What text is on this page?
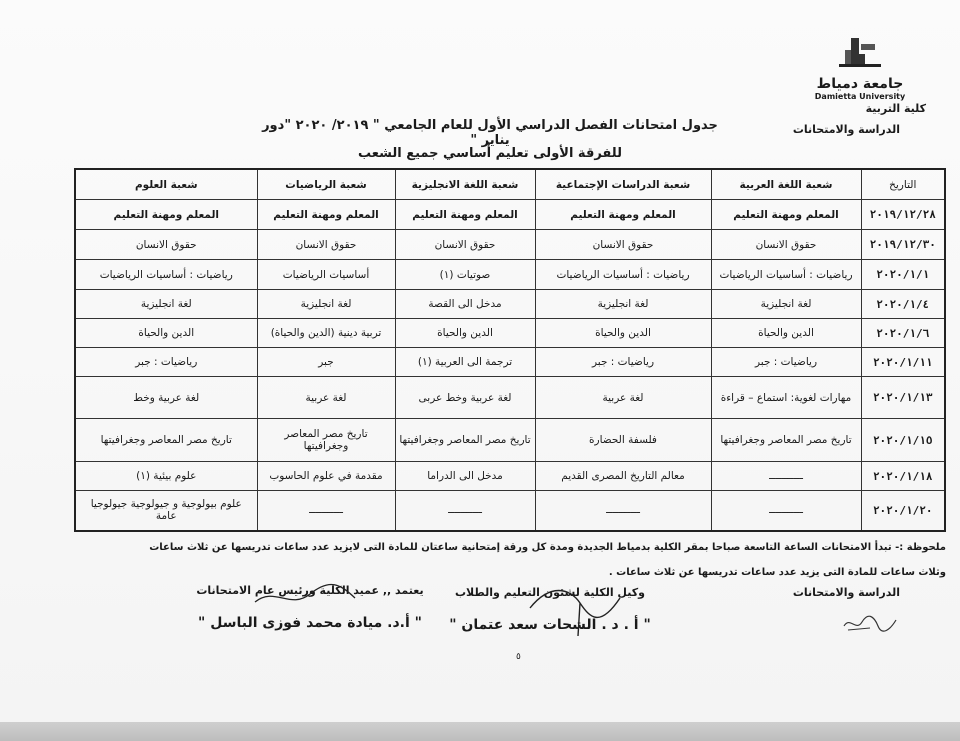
جامعة دمياط
Damietta University
كلية التربية
الدراسة والامتحانات
جدول امتحانات الفصل الدراسي الأول للعام الجامعي " ٢٠١٩/ ٢٠٢٠ "دور يناير "
للفرقة الأولى تعليم أساسي جميع الشعب
التاريخ	شعبة اللغة العربية	شعبة الدراسات الإجتماعية	شعبة اللغة الانجليزية	شعبة الرياضيات	شعبة العلوم
٢٠١٩/١٢/٢٨	المعلم ومهنة التعليم	المعلم ومهنة التعليم	المعلم ومهنة التعليم	المعلم ومهنة التعليم	المعلم ومهنة التعليم
٢٠١٩/١٢/٣٠	حقوق الانسان	حقوق الانسان	حقوق الانسان	حقوق الانسان	حقوق الانسان
٢٠٢٠/١/١	رياضيات : أساسيات الرياضيات	رياضيات : أساسيات الرياضيات	صوتيات (١)	أساسيات الرياضيات	رياضيات : أساسيات الرياضيات

٢٠٢٠/١/٤	لغة انجليزية	لغة انجليزية	مدخل الى القصة	لغة انجليزية	لغة انجليزية
٢٠٢٠/١/٦	الدين والحياة	الدين والحياة	الدين والحياة	تربية دينية (الدين والحياة)	الدين والحياة
٢٠٢٠/١/١١	رياضيات : جبر	رياضيات : جبر	ترجمة الى العربية (١)	جبر	رياضيات : جبر
٢٠٢٠/١/١٣	مهارات لغوية: استماع – قراءة	لغة عربية	لغة عربية وخط عربى	لغة عربية	لغة عربية وخط
٢٠٢٠/١/١٥	تاريخ مصر المعاصر وجغرافيتها	فلسفة الحضارة	تاريخ مصر المعاصر وجغرافيتها	تاريخ مصر المعاصر وجغرافيتها	تاريخ مصر المعاصر وجغرافيتها

٢٠٢٠/١/١٨	ـــــــــــ	معالم التاريخ المصرى القديم	مدخل الى الدراما	مقدمة في علوم الحاسوب	علوم بيئية (١)
٢٠٢٠/١/٢٠	ـــــــــــ	ـــــــــــ	ـــــــــــ	ـــــــــــ	علوم بيولوجية و جيولوجية جيولوجيا عامة
ملحوظة :- تبدأ الامتحانات الساعة التاسعة صباحا بمقر الكلية بدمياط الجديدة ومدة كل ورقة إمتحانية ساعتان للمادة التى لايزيد عدد ساعات تدريسها عن ثلاث ساعات
وثلاث ساعات للمادة التى يزيد عدد ساعات تدريسها عن ثلاث ساعات .
الدراسة والامتحانات
وكيل الكلية لشئون التعليم والطلاب
" أ . د . الشحات سعد عتمان "
يعتمد ,, عميد الكلية ورئيس عام الامتحانات
" أ.د. ميادة محمد فوزى الباسل "
٥
